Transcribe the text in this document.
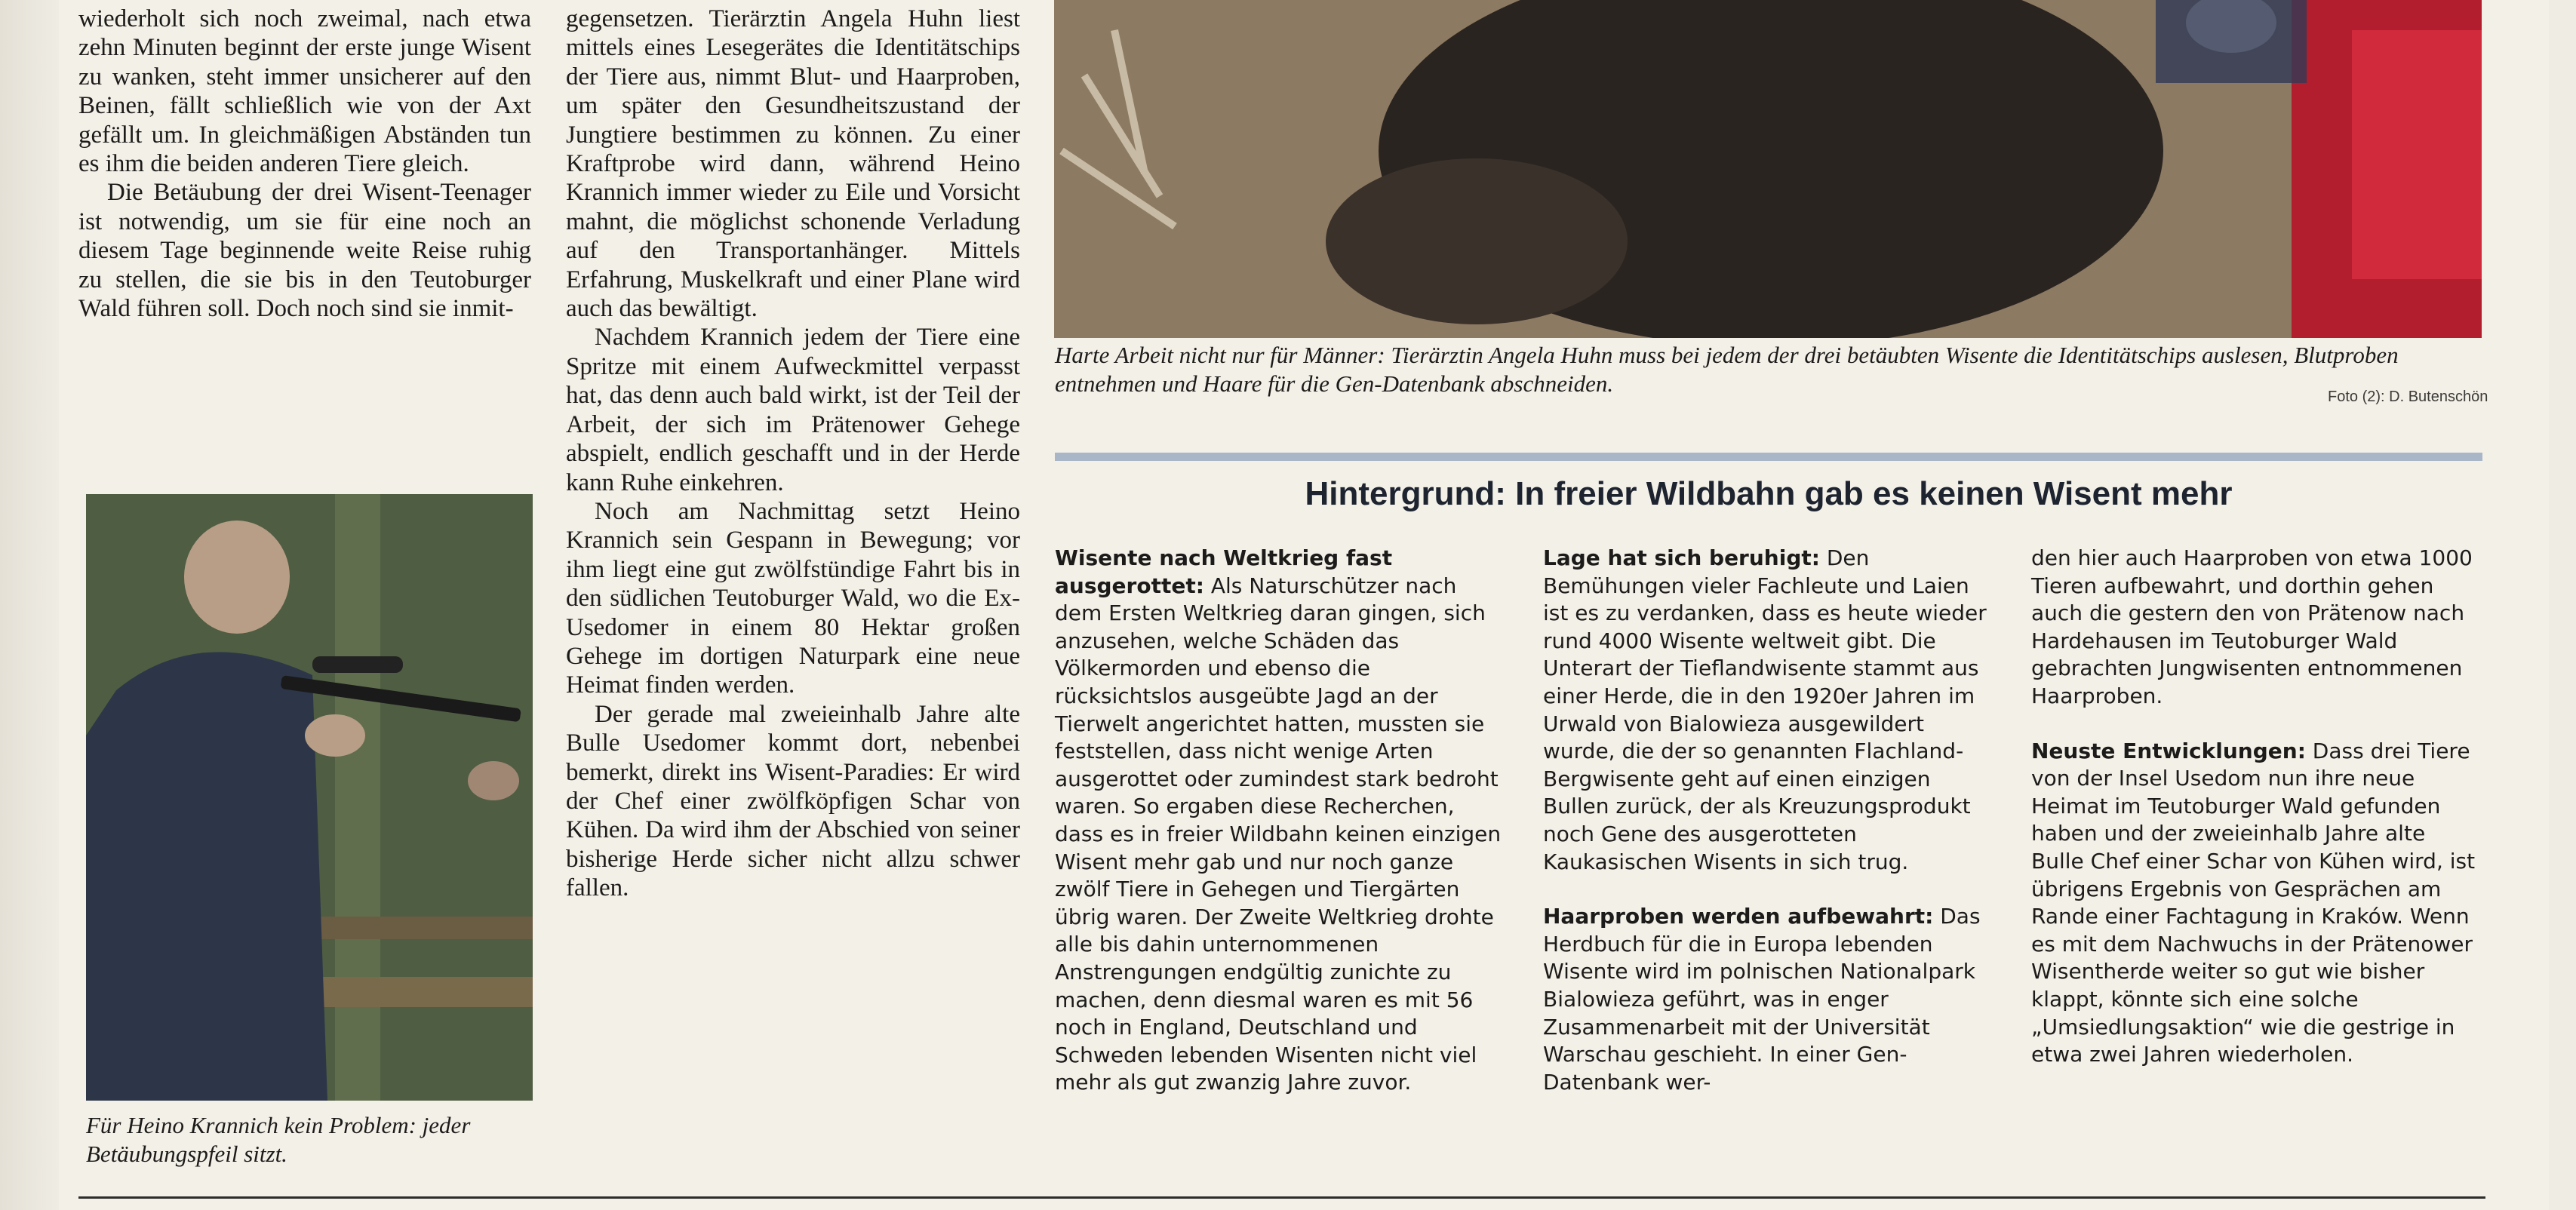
wiederholt sich noch zweimal, nach etwa zehn Minuten beginnt der erste junge Wisent zu wanken, steht immer unsicherer auf den Beinen, fällt schließlich wie von der Axt gefällt um. In gleichmäßigen Abständen tun es ihm die beiden anderen Tiere gleich.

Die Betäubung der drei Wisent-Teenager ist notwendig, um sie für eine noch an diesem Tage beginnende weite Reise ruhig zu stellen, die sie bis in den Teutoburger Wald führen soll. Doch noch sind sie inmit-

Für Heino Krannich kein Problem: jeder Betäubungspfeil sitzt.

gegensetzen. Tierärztin Angela Huhn liest mittels eines Lesegerätes die Identitätschips der Tiere aus, nimmt Blut- und Haarproben, um später den Gesundheitszustand der Jungtiere bestimmen zu können. Zu einer Kraftprobe wird dann, während Heino Krannich immer wieder zu Eile und Vorsicht mahnt, die möglichst schonende Verladung auf den Transportanhänger. Mittels Erfahrung, Muskelkraft und einer Plane wird auch das bewältigt.

Nachdem Krannich jedem der Tiere eine Spritze mit einem Aufweckmittel verpasst hat, das denn auch bald wirkt, ist der Teil der Arbeit, der sich im Prätenower Gehege abspielt, endlich geschafft und in der Herde kann Ruhe einkehren.

Noch am Nachmittag setzt Heino Krannich sein Gespann in Bewegung; vor ihm liegt eine gut zwölfstündige Fahrt bis in den südlichen Teutoburger Wald, wo die Ex-Usedomer in einem 80 Hektar großen Gehege im dortigen Naturpark eine neue Heimat finden werden.

Der gerade mal zweieinhalb Jahre alte Bulle Usedomer kommt dort, nebenbei bemerkt, direkt ins Wisent-Paradies: Er wird der Chef einer zwölfköpfigen Schar von Kühen. Da wird ihm der Abschied von seiner bisherige Herde sicher nicht allzu schwer fallen.

Harte Arbeit nicht nur für Männer: Tierärztin Angela Huhn muss bei jedem der drei betäubten Wisente die Identitätschips auslesen, Blutproben entnehmen und Haare für die Gen-Datenbank abschneiden.	Foto (2): D. Butenschön
Hintergrund: In freier Wildbahn gab es keinen Wisent mehr

Wisente nach Weltkrieg fast ausgerottet: Als Naturschützer nach dem Ersten Weltkrieg daran gingen, sich anzusehen, welche Schäden das Völkermorden und ebenso die rücksichtslos ausgeübte Jagd an der Tierwelt angerichtet hatten, mussten sie feststellen, dass nicht wenige Arten ausgerottet oder zumindest stark bedroht waren. So ergaben diese Recherchen, dass es in freier Wildbahn keinen einzigen Wisent mehr gab und nur noch ganze zwölf Tiere in Gehegen und Tiergärten übrig waren. Der Zweite Weltkrieg drohte alle bis dahin unternommenen Anstrengungen endgültig zunichte zu machen, denn diesmal waren es mit 56 noch in England, Deutschland und Schweden lebenden Wisenten nicht viel mehr als gut zwanzig Jahre zuvor.

Lage hat sich beruhigt: Den Bemühungen vieler Fachleute und Laien ist es zu verdanken, dass es heute wieder rund 4000 Wisente weltweit gibt. Die Unterart der Tieflandwisente stammt aus einer Herde, die in den 1920er Jahren im Urwald von Bialowieza ausgewildert wurde, die der so genannten Flachland-Bergwisente geht auf einen einzigen Bullen zurück, der als Kreuzungsprodukt noch Gene des ausgerotteten Kaukasischen Wisents in sich trug.

Haarproben werden aufbewahrt: Das Herdbuch für die in Europa lebenden Wisente wird im polnischen Nationalpark Bialowieza geführt, was in enger Zusammenarbeit mit der Universität Warschau geschieht. In einer Gen-Datenbank wer-

den hier auch Haarproben von etwa 1000 Tieren aufbewahrt, und dorthin gehen auch die gestern den von Prätenow nach Hardehausen im Teutoburger Wald gebrachten Jungwisenten entnommenen Haarproben.

Neuste Entwicklungen: Dass drei Tiere von der Insel Usedom nun ihre neue Heimat im Teutoburger Wald gefunden haben und der zweieinhalb Jahre alte Bulle Chef einer Schar von Kühen wird, ist übrigens Ergebnis von Gesprächen am Rande einer Fachtagung in Kraków. Wenn es mit dem Nachwuchs in der Prätenower Wisentherde weiter so gut wie bisher klappt, könnte sich eine solche „Umsiedlungsaktion“ wie die gestrige in etwa zwei Jahren wiederholen.
